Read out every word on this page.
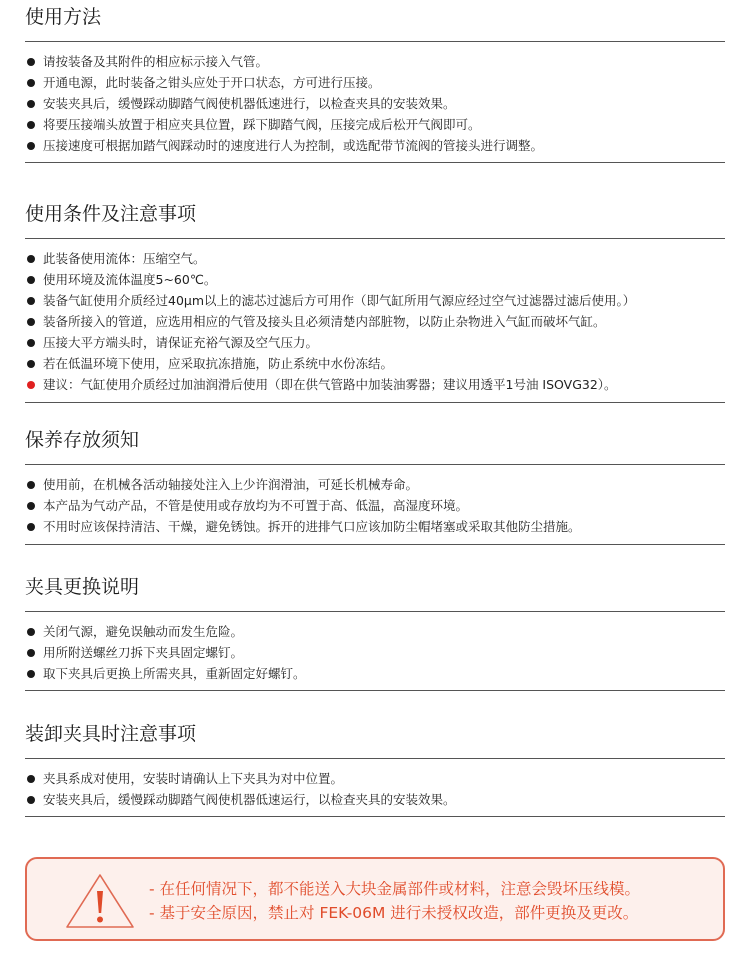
使用方法
请按装备及其附件的相应标示接入气管。
开通电源，此时装备之钳头应处于开口状态，方可进行压接。
安装夹具后，缓慢踩动脚踏气阀使机器低速进行，以检查夹具的安装效果。
将要压接端头放置于相应夹具位置，踩下脚踏气阀，压接完成后松开气阀即可。
压接速度可根据加踏气阀踩动时的速度进行人为控制，或选配带节流阀的管接头进行调整。
使用条件及注意事项
此装备使用流体：压缩空气。
使用环境及流体温度5~60℃。
装备气缸使用介质经过40μm以上的滤芯过滤后方可用作（即气缸所用气源应经过空气过滤器过滤后使用。）
装备所接入的管道，应选用相应的气管及接头且必须清楚内部脏物，以防止杂物进入气缸而破坏气缸。
压接大平方端头时，请保证充裕气源及空气压力。
若在低温环境下使用，应采取抗冻措施，防止系统中水份冻结。
建议：气缸使用介质经过加油润滑后使用（即在供气管路中加装油雾器；建议用透平1号油 ISOVG32）。
保养存放须知
使用前，在机械各活动轴接处注入上少许润滑油，可延长机械寿命。
本产品为气动产品，不管是使用或存放均为不可置于高、低温，高湿度环境。
不用时应该保持清洁、干燥，避免锈蚀。拆开的进排气口应该加防尘帽堵塞或采取其他防尘措施。
夹具更换说明
关闭气源，避免误触动而发生危险。
用所附送螺丝刀拆下夹具固定螺钉。
取下夹具后更换上所需夹具，重新固定好螺钉。
装卸夹具时注意事项
夹具系成对使用，安装时请确认上下夹具为对中位置。
安装夹具后，缓慢踩动脚踏气阀使机器低速运行，以检查夹具的安装效果。
- 在任何情况下，都不能送入大块金属部件或材料，注意会毁坏压线模。
- 基于安全原因，禁止对 FEK-06M 进行未授权改造，部件更换及更改。
